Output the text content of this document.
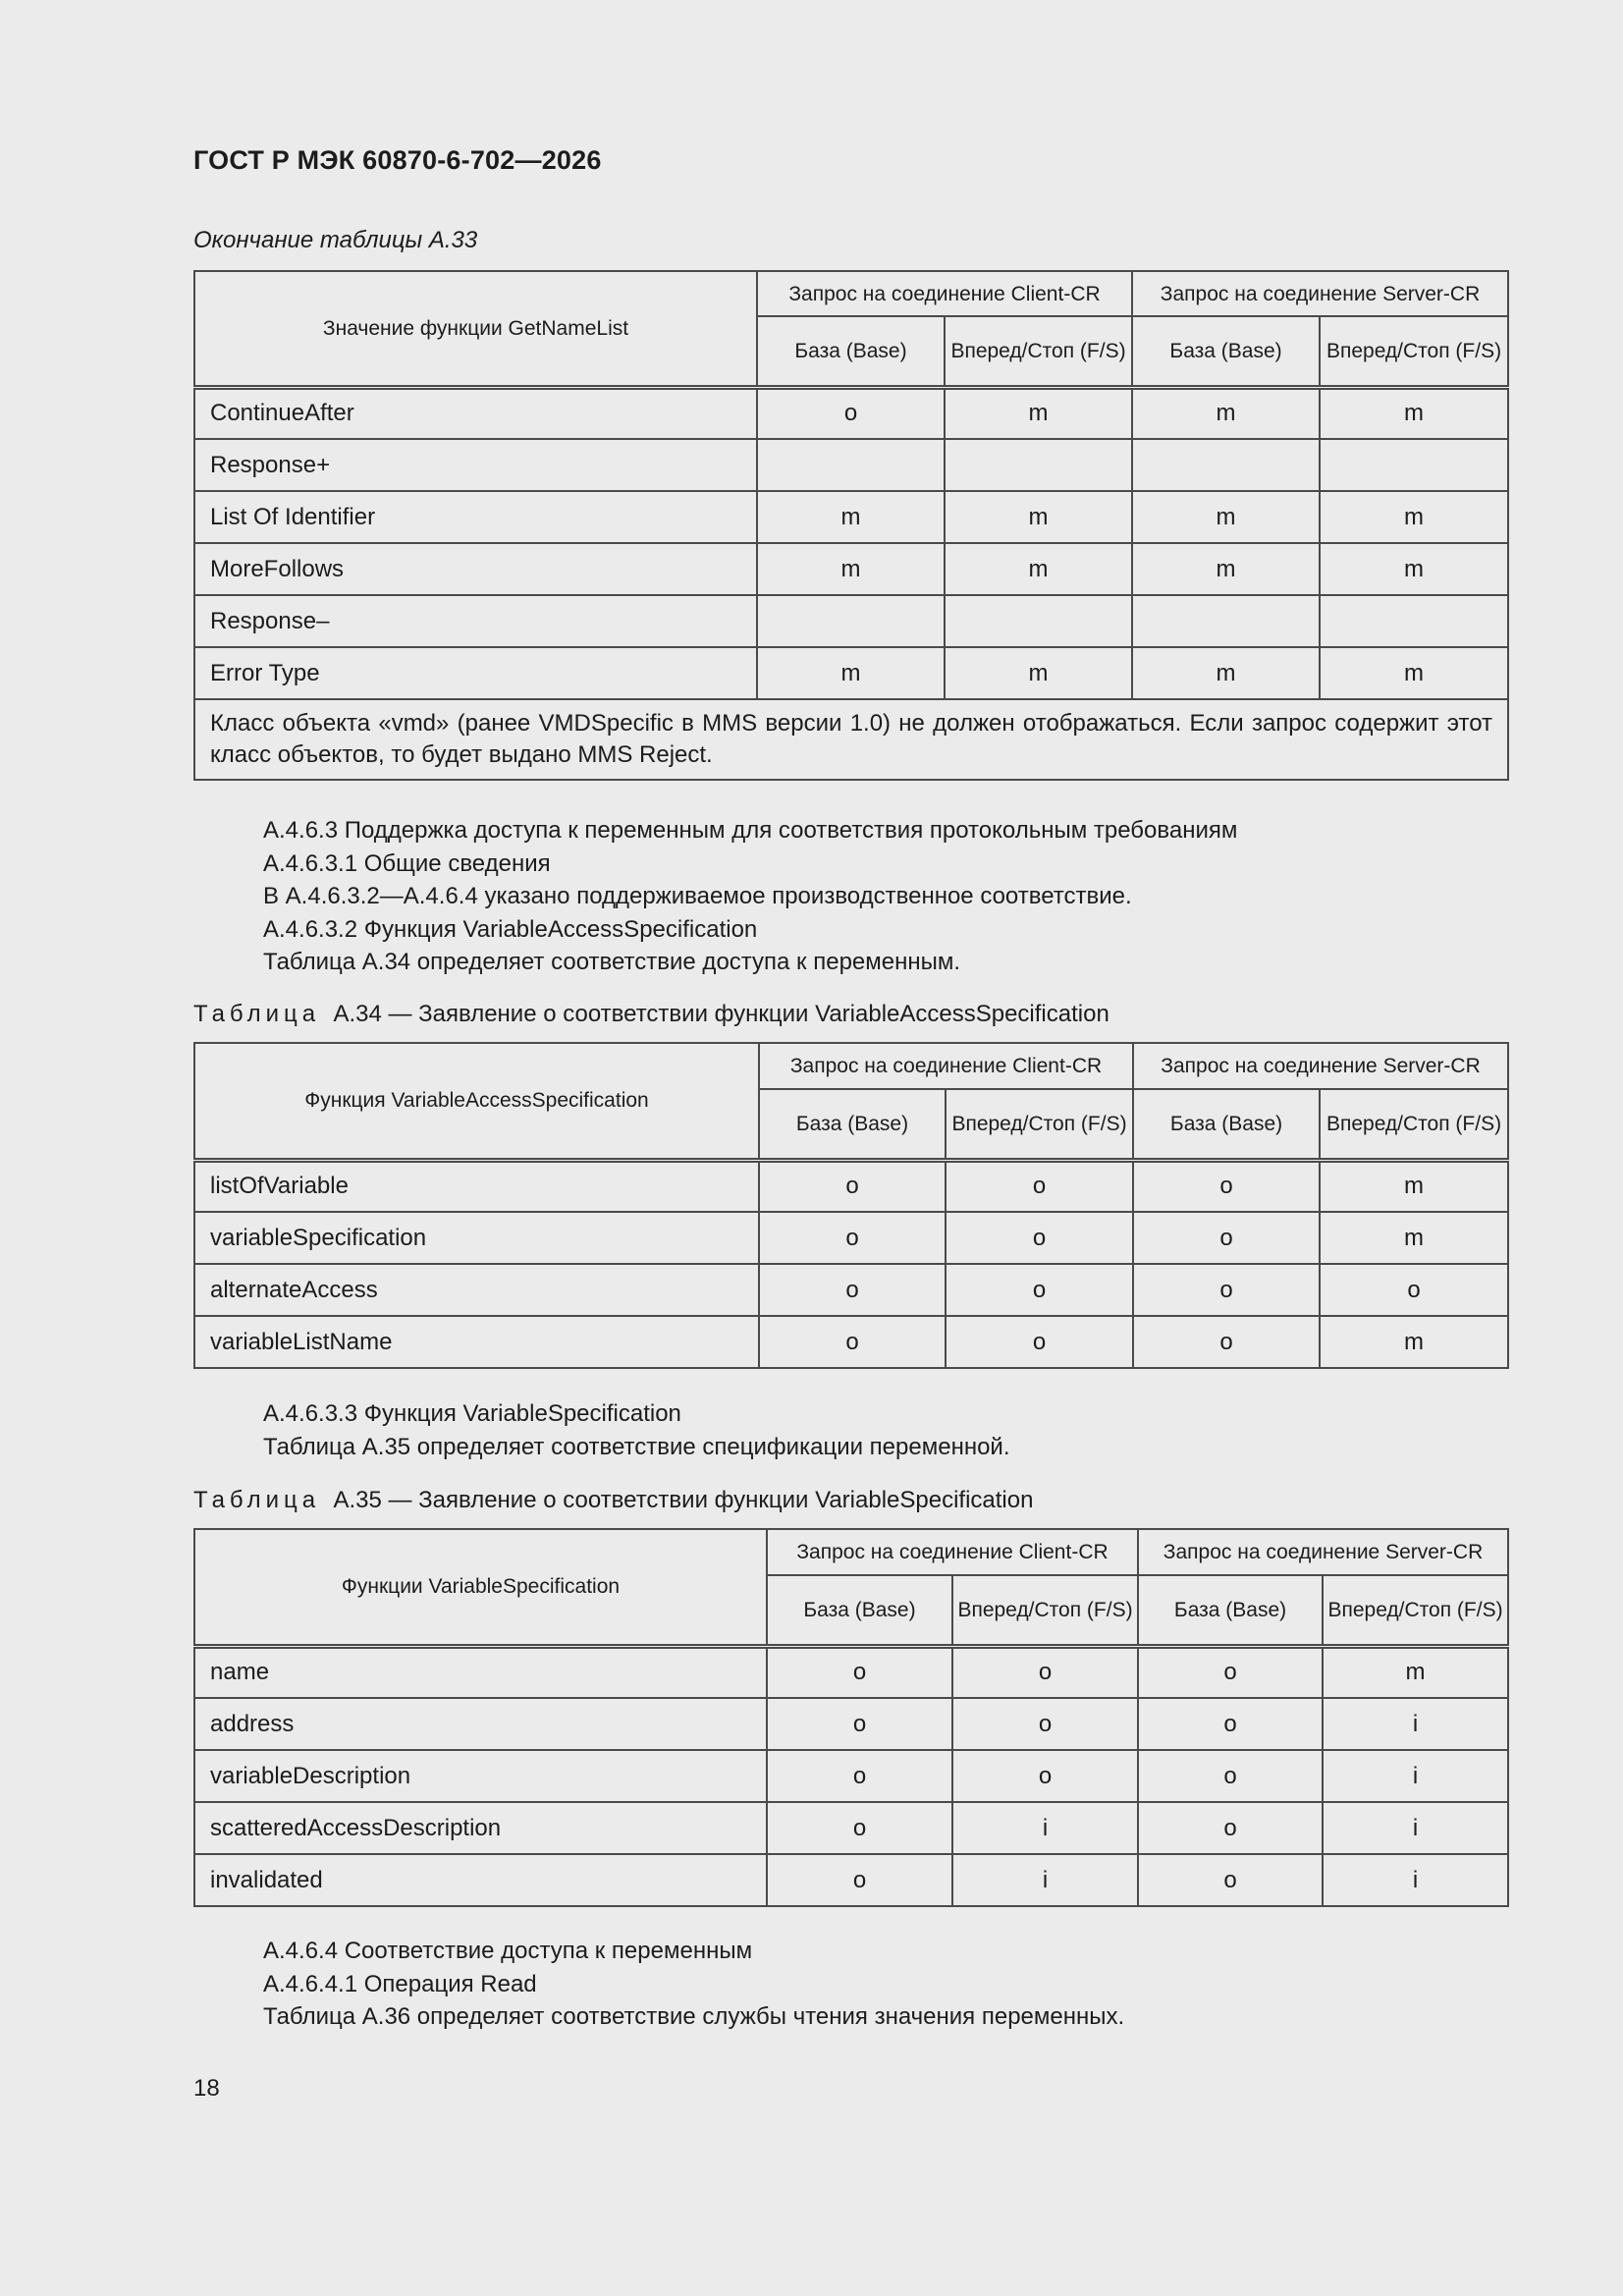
ГОСТ Р МЭК 60870-6-702—2026
Окончание таблицы А.33
Значение функции GetNameList	Запрос на соединение Client-CR		Запрос на соединение Server-CR	
	База (Base)	Вперед/Стоп (F/S)	База (Base)	Вперед/Стоп (F/S)
ContinueAfter	o	m	m	m
Response+				
List Of Identifier	m	m	m	m
MoreFollows	m	m	m	m
Response–				
Error Type	m	m	m	m
Класс объекта «vmd» (ранее VMDSpecific в MMS версии 1.0) не должен отображаться. Если запрос содержит этот класс объектов, то будет выдано MMS Reject.				
А.4.6.3 Поддержка доступа к переменным для соответствия протокольным требованиям
А.4.6.3.1 Общие сведения
В А.4.6.3.2—А.4.6.4 указано поддерживаемое производственное соответствие.
А.4.6.3.2 Функция VariableAccessSpecification
Таблица А.34 определяет соответствие доступа к переменным.
Таблица  А.34 — Заявление о соответствии функции VariableAccessSpecification
Функция VariableAccessSpecification	Запрос на соединение Client-CR		Запрос на соединение Server-CR	
	База (Base)	Вперед/Стоп (F/S)	База (Base)	Вперед/Стоп (F/S)
listOfVariable	o	o	o	m
variableSpecification	o	o	o	m
alternateAccess	o	o	o	o
variableListName	o	o	o	m
А.4.6.3.3 Функция VariableSpecification
Таблица А.35 определяет соответствие спецификации переменной.
Таблица  А.35 — Заявление о соответствии функции VariableSpecification
Функции VariableSpecification	Запрос на соединение Client-CR		Запрос на соединение Server-CR	
	База (Base)	Вперед/Стоп (F/S)	База (Base)	Вперед/Стоп (F/S)
name	o	o	o	m
address	o	o	o	i
variableDescription	o	o	o	i
scatteredAccessDescription	o	i	o	i
invalidated	o	i	o	i
А.4.6.4 Соответствие доступа к переменным
А.4.6.4.1 Операция Read
Таблица А.36 определяет соответствие службы чтения значения переменных.
18
